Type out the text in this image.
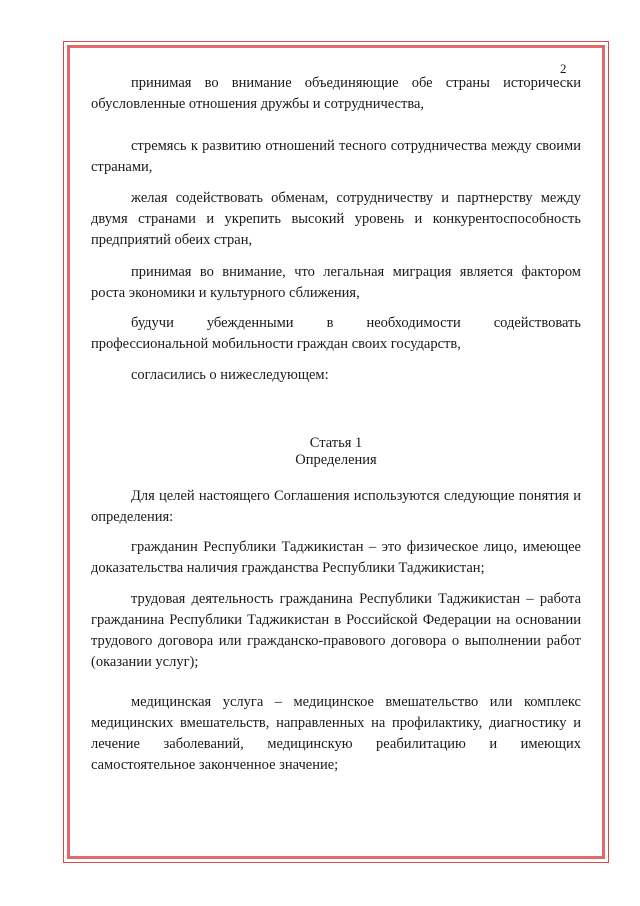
2

принимая во внимание объединяющие обе страны исторически обусловленные отношения дружбы и сотрудничества,

стремясь к развитию отношений тесного сотрудничества между своими странами,

желая содействовать обменам, сотрудничеству и партнерству между двумя странами и укрепить высокий уровень и конкурентоспособность предприятий обеих стран,

принимая во внимание, что легальная миграция является фактором роста экономики и культурного сближения,

будучи убежденными в необходимости содействовать профессиональной мобильности граждан своих государств,

согласились о нижеследующем:

Статья 1
Определения

Для целей настоящего Соглашения используются следующие понятия и определения:

гражданин Республики Таджикистан – это физическое лицо, имеющее доказательства наличия гражданства Республики Таджикистан;

трудовая деятельность гражданина Республики Таджикистан – работа гражданина Республики Таджикистан в Российской Федерации на основании трудового договора или гражданско-правового договора о выполнении работ (оказании услуг);

медицинская услуга – медицинское вмешательство или комплекс медицинских вмешательств, направленных на профилактику, диагностику и лечение заболеваний, медицинскую реабилитацию и имеющих самостоятельное законченное значение;
